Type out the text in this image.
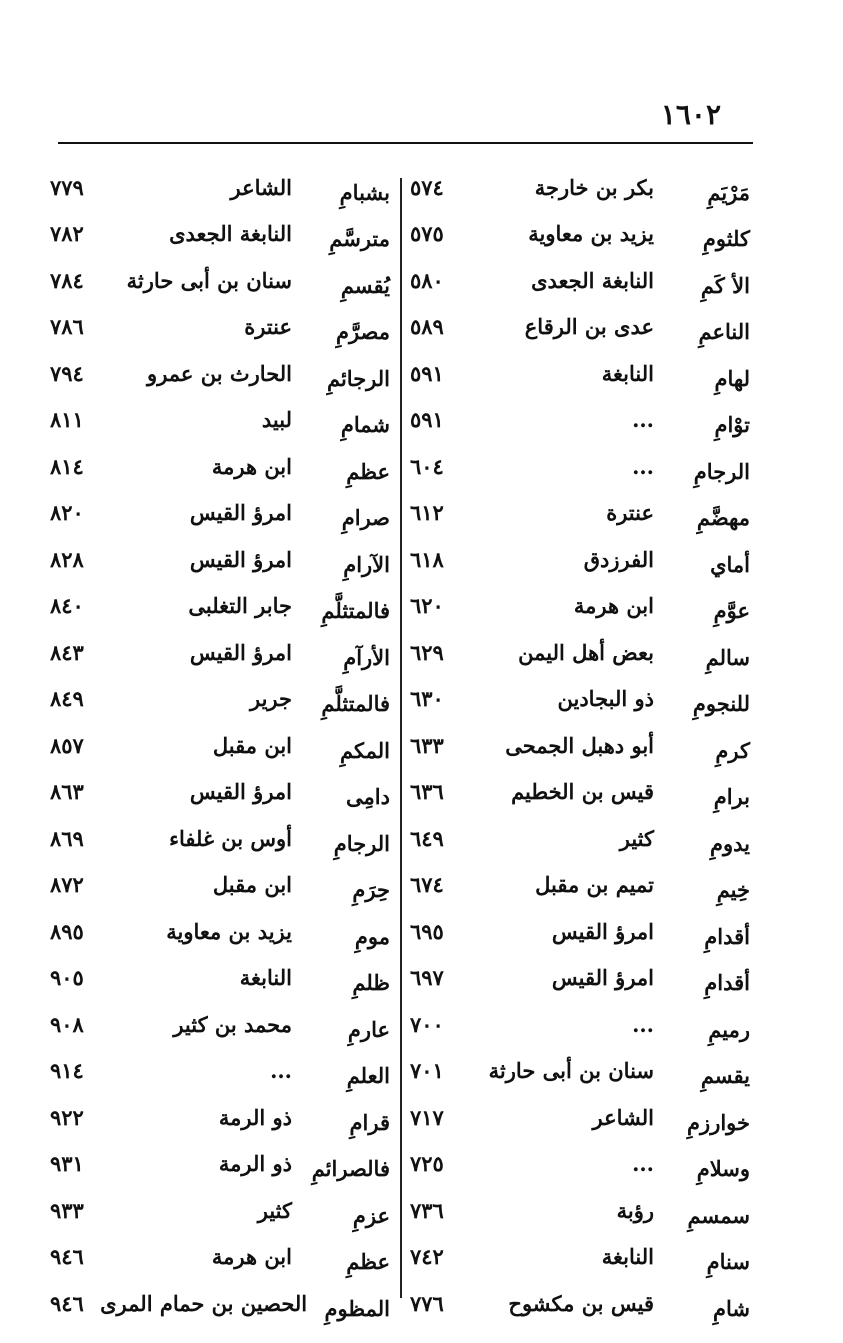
١٦٠٢
مَرْيَمِ
بكر بن خارجة
٥٧٤
كلثومِ
يزيد بن معاوية
٥٧٥
الأ كَمِ
النابغة الجعدى
٥٨٠
الناعمِ
عدى بن الرقاع
٥٨٩
لهامِ
النابغة
٥٩١
توْامِ
...
٥٩١
الرجامِ
...
٦٠٤
مهضَّمِ
عنترة
٦١٢
أماي
الفرزدق
٦١٨
عوَّمِ
ابن هرمة
٦٢٠
سالمِ
بعض أهل اليمن
٦٢٩
للنجومِ
ذو البجادين
٦٣٠
كرمِ
أبو دهبل الجمحى
٦٣٣
برامِ
قيس بن الخطيم
٦٣٦
يدومِ
كثير
٦٤٩
خِيمِ
تميم بن مقبل
٦٧٤
أقدامِ
امرؤ القيس
٦٩٥
أقدامِ
امرؤ القيس
٦٩٧
رميمِ
...
٧٠٠
يقسمِ
سنان بن أبى حارثة
٧٠١
خوارزمِ
الشاعر
٧١٧
وسلامِ
...
٧٢٥
سمسمِ
رؤبة
٧٣٦
سنامِ
النابغة
٧٤٢
شامِ
قيس بن مكشوح
٧٧٦
بشبامِ
الشاعر
٧٧٩
مترسَّمِ
النابغة الجعدى
٧٨٢
يُقسمِ
سنان بن أبى حارثة
٧٨٤
مصرَّمِ
عنترة
٧٨٦
الرجائمِ
الحارث بن عمرو
٧٩٤
شمامِ
لبيد
٨١١
عظمِ
ابن هرمة
٨١٤
صرامِ
امرؤ القيس
٨٢٠
الآرامِ
امرؤ القيس
٨٢٨
فالمتثلَّمِ
جابر التغلبى
٨٤٠
الأرآمِ
امرؤ القيس
٨٤٣
فالمتثلَّمِ
جرير
٨٤٩
المكمِ
ابن مقبل
٨٥٧
دامِى
امرؤ القيس
٨٦٣
الرجامِ
أوس بن غلفاء
٨٦٩
حِرَمِ
ابن مقبل
٨٧٢
مومِ
يزيد بن معاوية
٨٩٥
ظلمِ
النابغة
٩٠٥
عارمِ
محمد بن كثير
٩٠٨
العلمِ
...
٩١٤
قرامِ
ذو الرمة
٩٢٢
فالصرائمِ
ذو الرمة
٩٣١
عزمِ
كثير
٩٣٣
عظمِ
ابن هرمة
٩٤٦
المظومِ
الحصين بن حمام المرى
٩٤٦
